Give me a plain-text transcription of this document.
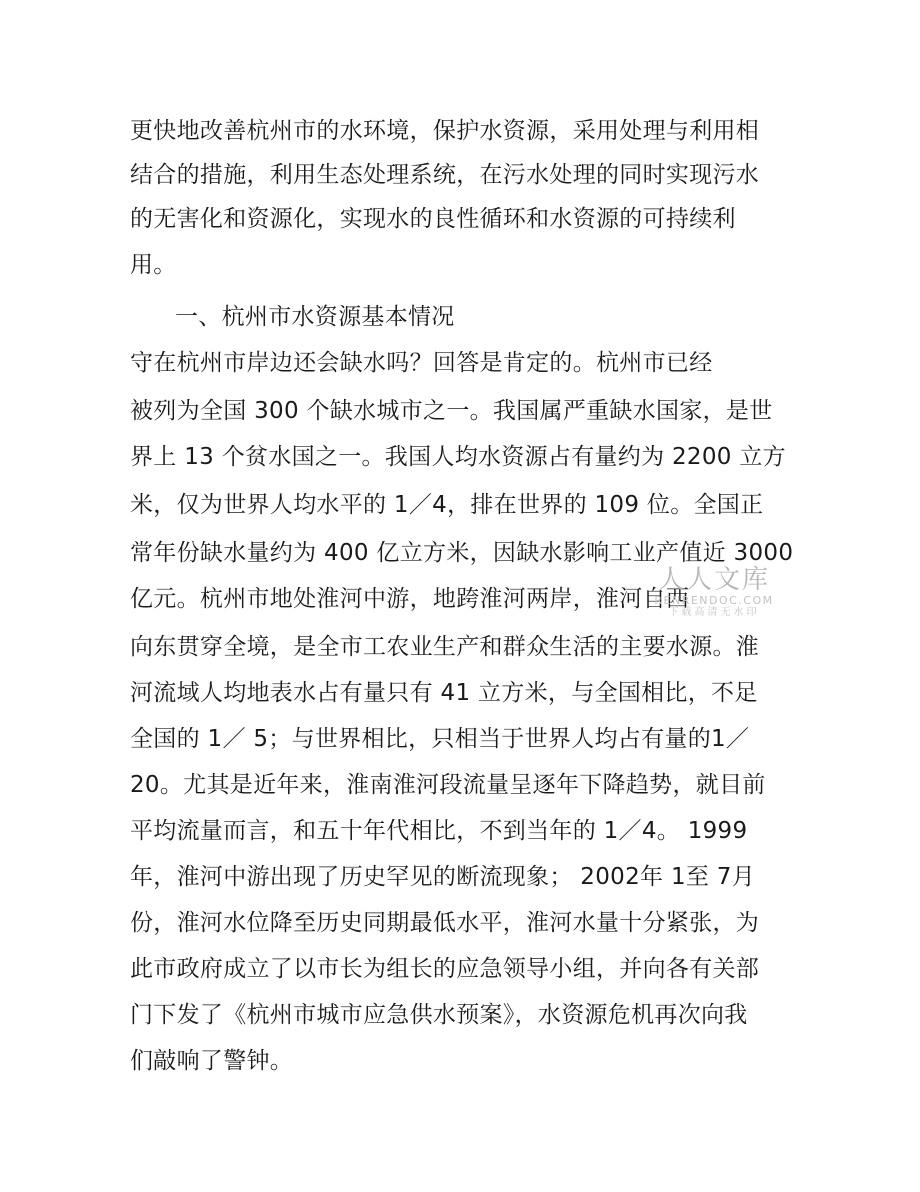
更快地改善杭州市的水环境，保护水资源，采用处理与利用相
结合的措施，利用生态处理系统，在污水处理的同时实现污水
的无害化和资源化，实现水的良性循环和水资源的可持续利
用。
一、杭州市水资源基本情况
守在杭州市岸边还会缺水吗？回答是肯定的。杭州市已经
被列为全国 300 个缺水城市之一。我国属严重缺水国家，是世
界上 13 个贫水国之一。我国人均水资源占有量约为 2200 立方
米，仅为世界人均水平的 1／4，排在世界的 109 位。全国正
常年份缺水量约为 400 亿立方米，因缺水影响工业产值近 3000
亿元。杭州市地处淮河中游，地跨淮河两岸，淮河自西
向东贯穿全境，是全市工农业生产和群众生活的主要水源。淮
河流域人均地表水占有量只有 41 立方米，与全国相比，不足
全国的 1／ 5；与世界相比，只相当于世界人均占有量的1／
20。尤其是近年来，淮南淮河段流量呈逐年下降趋势，就目前
平均流量而言，和五十年代相比，不到当年的 1／4。 1999
年，淮河中游出现了历史罕见的断流现象； 2002年 1至 7月
份，淮河水位降至历史同期最低水平，淮河水量十分紧张，为
此市政府成立了以市长为组长的应急领导小组，并向各有关部
门下发了《杭州市城市应急供水预案》，水资源危机再次向我
们敲响了警钟。
人人文库
RENRENDOC.COM
下载高清无水印
